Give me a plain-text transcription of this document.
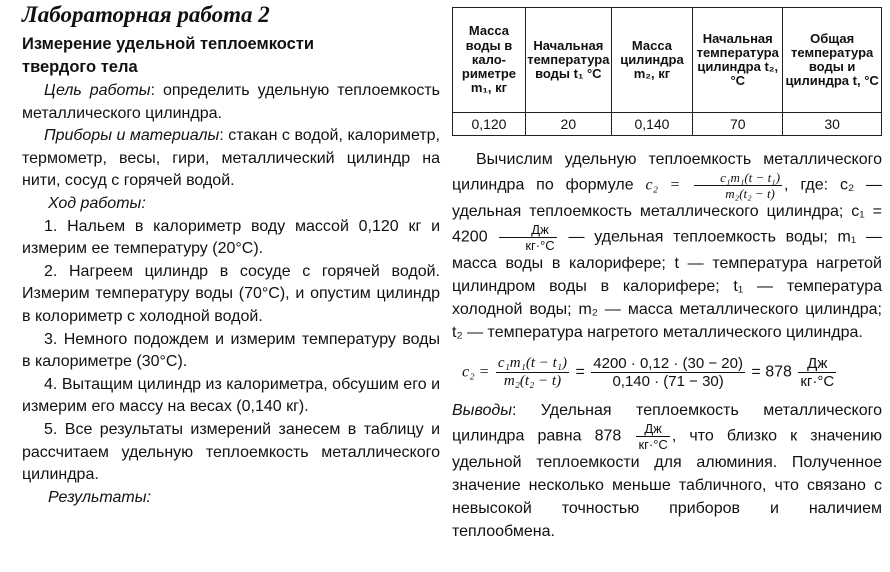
Лабораторная работа 2
Измерение удельной теплоемкости
твердого тела

Цель работы: определить удельную теплоемкость металлического цилиндра.

Приборы и материалы: стакан с водой, калориметр, термометр, весы, гири, металлический цилиндр на нити, сосуд с горячей водой.

Ход работы:

1. Нальем в калориметр воду массой 0,120 кг и измерим ее температуру (20°С).

2. Нагреем цилиндр в сосуде с горячей водой. Измерим температуру воды (70°С), и опустим цилиндр в колориметр с холодной водой.

3. Немного подождем и измерим температуру воды в калориметре (30°С).

4. Вытащим цилиндр из калориметра, обсушим его и измерим его массу на весах (0,140 кг).

5. Все результаты измерений занесем в таблицу и рассчитаем удельную теплоемкость металлического цилиндра.

Результаты:

Масса воды в калориметре m₁, кг	Начальная температура воды t₁ °С	Масса цилиндра m₂, кг	Начальная температура цилиндра t₂, °С	Общая температура воды и цилиндра t, °С
0,120	20	0,140	70	30

Вычислим удельную теплоемкость металлического цилиндра по формуле $c_2 = \frac{\text{c₁m₁(t − t₁)}}{\text{m₂(t₂ − t)}}$ , где: c₂ — удельная теплоемкость металлического цилиндра; $c_1 = 4200 \frac{Дж}{кг\cdot^\circ С}$ — удельная теплоемкость воды; m₁ — масса воды в калорифере; t — температура нагретой цилиндром воды в калорифере; t₁ — температура холодной воды; m₂ — масса металлического цилиндра; t₂ — температура нагретого металлического цилиндра.

$c_2 = \frac{\text{c₁m₁(t − t₁)}}{\text{m₂(t₂ − t)}} = \frac{4200 \cdot 0,12 \cdot (30 - 20)}{0,140 \cdot (71 - 30)} = 878 \frac{Дж}{кг\cdot^\circ С}$

Выводы: Удельная теплоемкость металлического цилиндра равна $878 \frac{Дж}{кг\cdot^\circ С}$ , что близко к значению удельной теплоемкости для алюминия. Полученное значение несколько меньше табличного, что связано с невысокой точностью приборов и наличием теплообмена.
